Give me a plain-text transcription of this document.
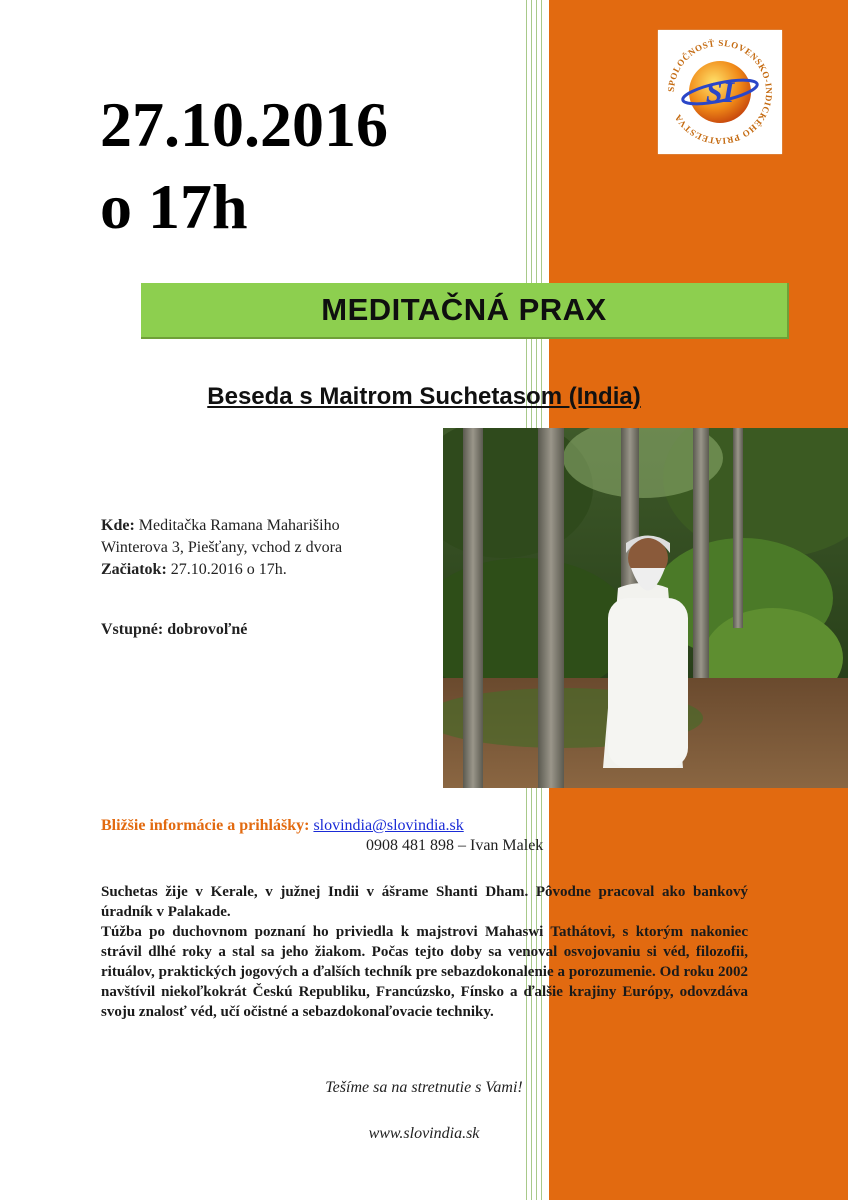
SI
SPOLOČNOSŤ SLOVENSKO-INDICKÉHO PRIATEĽSTVA
27.10.2016
o 17h
MEDITAČNÁ PRAX
Beseda s Maitrom Suchetasom (India)

Kde: Meditačka Ramana Maharišiho

Winterova 3, Piešťany, vchod z dvora

Začiatok: 27.10.2016 o 17h.

Vstupné: dobrovoľné
Bližšie informácie a prihlášky: slovindia@slovindia.sk
0908 481 898 – Ivan Malek

Suchetas žije v Kerale, v južnej Indii v ášrame Shanti Dham. Pôvodne pracoval ako bankový úradník v Palakade.

Túžba po duchovnom poznaní ho priviedla k majstrovi Mahaswi Tathátovi, s ktorým nakoniec strávil dlhé roky a stal sa jeho žiakom. Počas tejto doby sa venoval osvojovaniu si véd, filozofii, rituálov, praktických jogových a ďalších techník pre sebazdokonalenie a porozumenie. Od roku 2002 navštívil niekoľkokrát Českú Republiku, Francúzsko, Fínsko a ďalšie krajiny Európy, odovzdáva svoju znalosť véd, učí očistné a sebazdokonaľovacie techniky.

Tešíme sa na stretnutie s Vami!
www.slovindia.sk
